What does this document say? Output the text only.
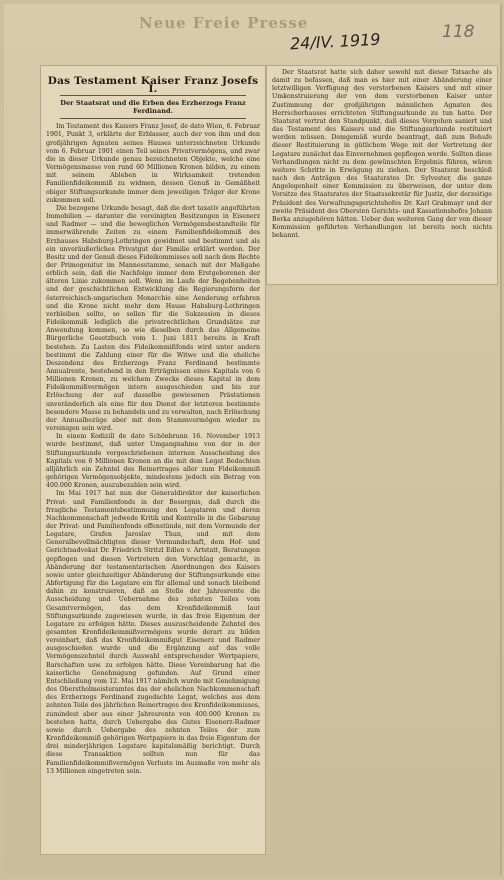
Neue Freie Presse
24/IV. 1919	118
Das Testament Kaiser Franz Josefs I.
Der Staatsrat und die Erben des Erzherzogs Franz Ferdinand.

Im Testament des Kaisers Franz Josef, de dato Wien, 6. Februar 1901, Punkt 3, erklärte der Erblasser, auch der von ihm und den großjährigen Agnaten seines Hauses unterzeichneten Urkunde vom 6. Februar 1901 einen Teil seines Privatvermögens, und zwar die in dieser Urkunde genau bezeichneten Objekte, welche eine Vermögensmasse von rund 60 Millionen Kronen bilden, zu einem mit seinem Ableben in Wirksamkeit tretenden Familienfideikommiß zu widmen, dessen Genuß in Gemäßheit obiger Stiftungsurkunde immer dem jeweiligen Träger der Krone zukommen soll.

Die bezogene Urkunde besagt, daß die dort taxativ angeführten Immobilien — darunter die vereinigten Besitzungen in Eisenerz und Radmer — und die beweglichen Vermögensbestandteile für immerwährende Zeiten zu einem Familienfideikommiß des Erzhauses Habsburg-Lothringen gewidmet und bestimmt und als ein unveräußerliches Privatgut der Familie erklärt werden. Der Besitz und der Genuß dieses Fideikommisses soll nach dem Rechte der Primogenitur im Mannesstamme, sonach mit der Maßgabe erblich sein, daß die Nachfolge immer dem Erstgeborenen der älteren Linie zukommen soll. Wenn im Laufe der Begebenheiten und der geschichtlichen Entwicklung die Regierungsform der österreichisch-ungarischen Monarchie eine Aenderung erfahren und die Krone nicht mehr dem Hause Habsburg-Lothringen verbleiben sollte, so sollen für die Sukzession in dieses Fideikommiß lediglich die privatrechtlichen Grundsätze zur Anwendung kommen, so wie dieselben durch das Allgemeine Bürgerliche Gesetzbuch vom 1. Juni 1811 bereits in Kraft bestehen. Zu Lasten des Fideikommißfonds wird unter andern bestimmt die Zahlung einer für die Witwe und die eheliche Deszendenz des Erzherzogs Franz Ferdinand bestimmte Annualrente, bestehend in den Erträgnissen eines Kapitals von 6 Millionen Kronen, zu welchem Zwecke dieses Kapital in dem Fideikommißvermögen intern ausgeschieden und bis zur Erlöschung der auf dasselbe gewiesenen Prästationen unveränderlich als eine für den Dienst der letzteren bestimmte besondere Masse zu behandeln und zu verwalten, nach Erlöschung der Annualbezüge aber mit dem Stammvermögen wieder zu vereinigen sein wird.

In einem Kodizill de dato Schönbrunn 16. November 1913 wurde bestimmt, daß unter Umgangnahme von der in der Stiftungsurkunde vorgeschriebenen internen Ausscheidung des Kapitals von 6 Millionen Kronen an die mit dem Legat Bedachten alljährlich ein Zehntel des Reinertrages aller zum Fideikommiß gehörigen Vermögensobjekte, mindestens jedoch ein Betrag von 400.000 Kronen, auszubezahlen sein wird.

Im Mai 1917 hat nun der Generaldirektor der kaiserlichen Privat- und Familienfonds in der Besorgnis, daß durch die frragliche Testamentsbestimmung den Legataren und deren Nachkommenschaft jedwede Kritik und Kontrolle in die Gebarung der Privat- und Familienfonds offenstünde, mit dem Vormunde der Legatare, Grafen Jaroslav Thun, und mit dem Generalbevollmächtigten dieser Vormundschaft, dem Hof- und Gerichtsadvokat Dr. Friedrich Stritzl Edlen v. Artstatt, Beratungen gepflogen und diesen Vertretern den Vorschlag gemacht, in Abänderung der testamentarischen Anordnungen des Kaisers sowie unter gleichzeitiger Abänderung der Stiftungsurkunde eine Abfertigung für die Legatare ein für allemal und sonach bleibend dahin zu konstruieren, daß an Stelle der Jahresrente die Ausscheidung und Uebernahme des zehnten Teiles vom Gesamtvermögen, das dem Kronfideikommiß laut Stiftungsurkunde zugewiesen wurde, in das freie Eigentum der Legatare zu erfolgen hätte. Dieses auszuscheidende Zehntel des gesamten Kronfideikommißvermögens wurde derart zu bilden vereinbart, daß das Kronfideikommißgut Eisenerz und Radmer ausgeschieden wurde und die Ergänzung auf das volle Vermögenszehntel durch Auswahl entsprechender Wertpapiere, Barschaften usw. zu erfolgen hätte. Diese Vereinbarung hat die kaiserliche Genehmigung gefunden. Auf Grund einer Entschließung vom 12. Mai 1917 nämlich wurde mit Genehmigung des Oberstholmeisteramtes das der ehelichen Nachkommenschaft des Erzherzogs Ferdinand zugedachte Legat, welches aus dem zehnten Teile des jährlichen Reinertrages des Kronfideikommisses, zumindest aber aus einer Jahresrente von 400.000 Kronen zu bestehen hatte, durch Uebergabe des Gutes Eisenerz-Radmer sowie durch Uebergabe des zehnten Teiles der zum Kronfideikommiß gehörigen Wertpapiere in das freie Eigentum der drei minderjährigen Legatare kapitalsmäßig berichtigt. Durch diese Transaktion sollten nun für das Familienfideikommißvermögen Verluste im Ausmaße von mehr als 13 Millionen eingetreten sein.

Der Staatsrat hatte sich daher sowohl mit dieser Tatsache als damit zu befassen, daß man es hier mit einer Abänderung einer letztwilligen Verfügung des verstorbenen Kaisers und mit einer Umkonstruierung der von dem verstorbenen Kaiser unter Zustimmung der großjährigen männlichen Agnaten des Herrscherhauses errichteten Stiftungsurkunde zu tun hatte. Der Staatsrat vertrat den Standpunkt, daß dieses Vorgehen saniert und das Testament des Kaisers und die Stiftungsurkunde restituiert werden müssen. Demgemäß wurde beantragt, daß zum Behufe dieser Restituierung in gütlichem Wege mit der Vertretung der Legatare zunächst das Einvernehmen gepflogen werde. Sollten diese Verhandlungen nicht zu dem gewünschten Ergebnis führen, wären weitere Schritte in Erwägung zu ziehen. Der Staatsrat beschloß nach den Anträgen des Staatsrates Dr. Sylvester, die ganze Angelegenheit einer Kommission zu überweisen, der unter dem Vorsitze des Staatsrates der Staatssekretär für Justiz, der derzeitige Präsident des Verwaltungsgerichtshofes Dr. Karl Grabmayr und der zweite Präsident des Obersten Gerichts- und Kassationshofes Johann Berka anzugehören hätten. Ueber den weiteren Gang der von dieser Kommission geführten Verhandlungen ist bereits noch nichts bekannt.
